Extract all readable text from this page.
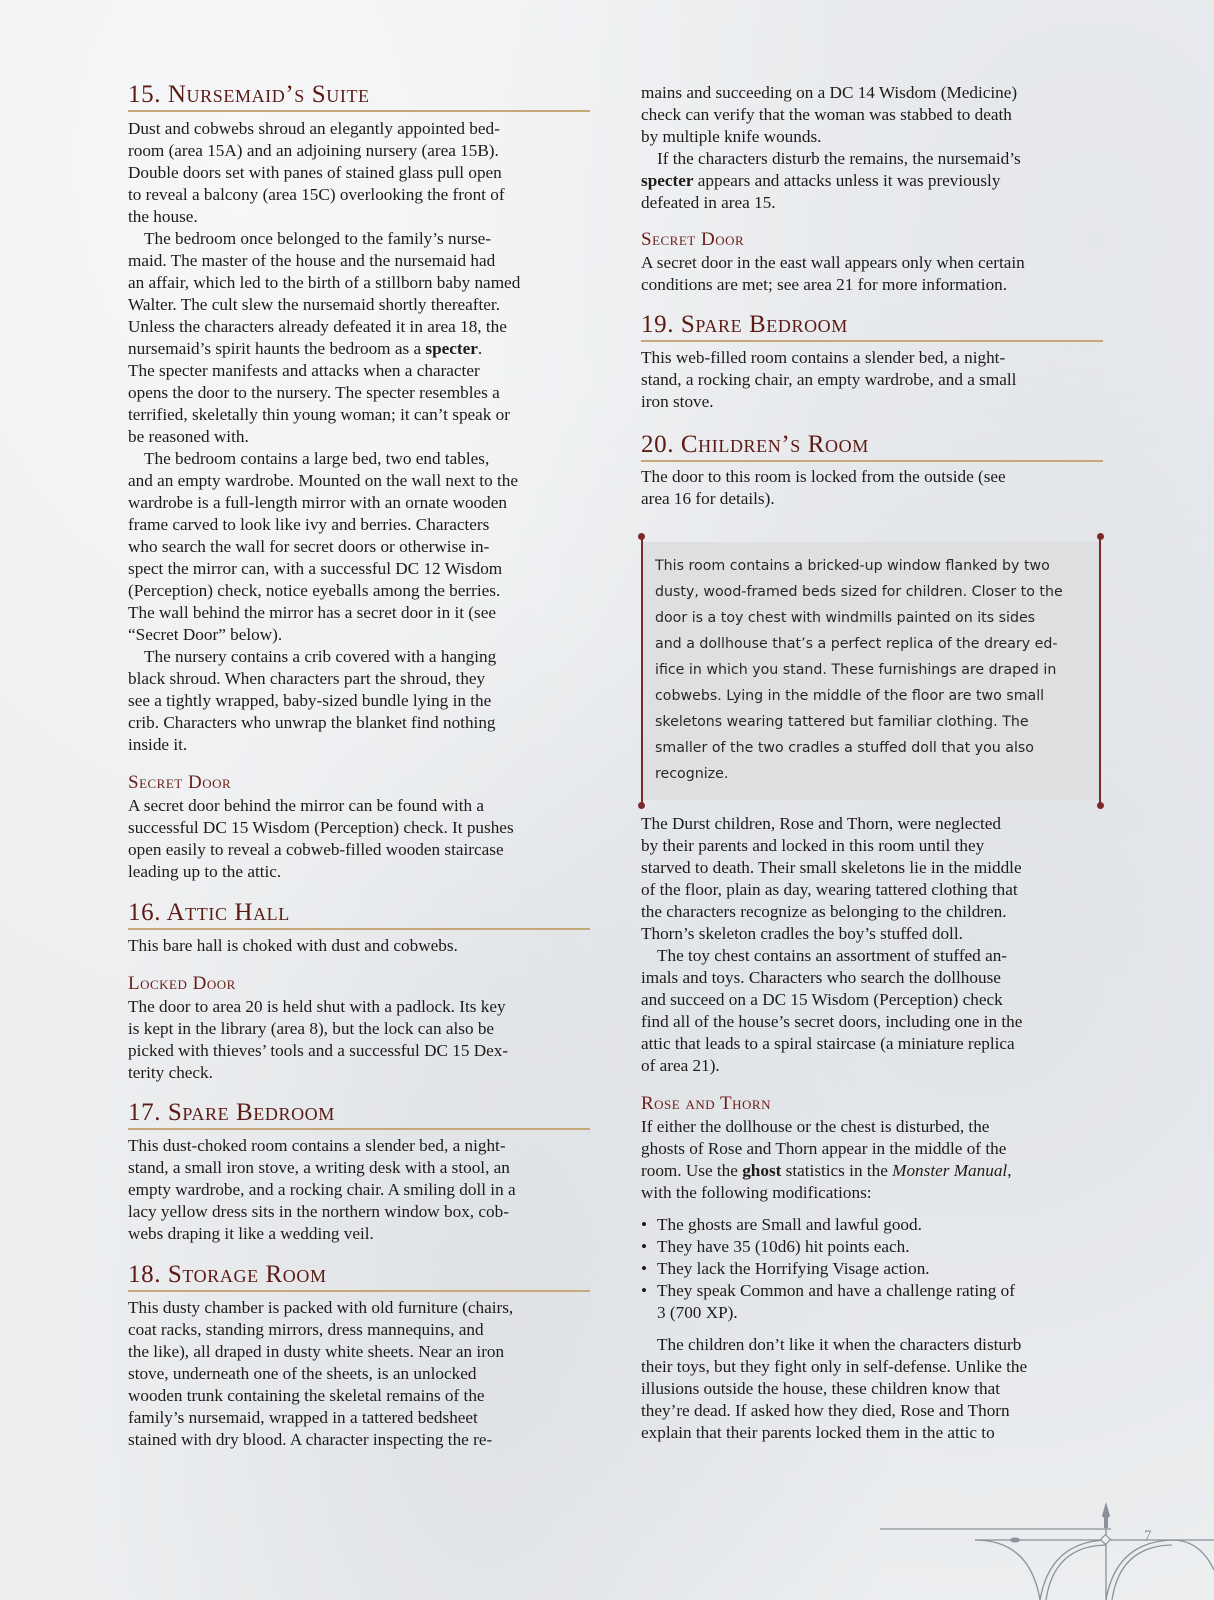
15. Nursemaid’s Suite
Dust and cobwebs shroud an elegantly appointed bed-
room (area 15A) and an adjoining nursery (area 15B).
Double doors set with panes of stained glass pull open
to reveal a balcony (area 15C) overlooking the front of
the house.
The bedroom once belonged to the family’s nurse-
maid. The master of the house and the nursemaid had
an affair, which led to the birth of a stillborn baby named
Walter. The cult slew the nursemaid shortly thereafter.
Unless the characters already defeated it in area 18, the
nursemaid’s spirit haunts the bedroom as a specter.
The specter manifests and attacks when a character
opens the door to the nursery. The specter resembles a
terrified, skeletally thin young woman; it can’t speak or
be reasoned with.
The bedroom contains a large bed, two end tables,
and an empty wardrobe. Mounted on the wall next to the
wardrobe is a full-length mirror with an ornate wooden
frame carved to look like ivy and berries. Characters
who search the wall for secret doors or otherwise in-
spect the mirror can, with a successful DC 12 Wisdom
(Perception) check, notice eyeballs among the berries.
The wall behind the mirror has a secret door in it (see
“Secret Door” below).
The nursery contains a crib covered with a hanging
black shroud. When characters part the shroud, they
see a tightly wrapped, baby-sized bundle lying in the
crib. Characters who unwrap the blanket find nothing
inside it.
Secret Door
A secret door behind the mirror can be found with a
successful DC 15 Wisdom (Perception) check. It pushes
open easily to reveal a cobweb-filled wooden staircase
leading up to the attic.
16. Attic Hall
This bare hall is choked with dust and cobwebs.
Locked Door
The door to area 20 is held shut with a padlock. Its key
is kept in the library (area 8), but the lock can also be
picked with thieves’ tools and a successful DC 15 Dex-
terity check.
17. Spare Bedroom
This dust-choked room contains a slender bed, a night-
stand, a small iron stove, a writing desk with a stool, an
empty wardrobe, and a rocking chair. A smiling doll in a
lacy yellow dress sits in the northern window box, cob-
webs draping it like a wedding veil.
18. Storage Room
This dusty chamber is packed with old furniture (chairs,
coat racks, standing mirrors, dress mannequins, and
the like), all draped in dusty white sheets. Near an iron
stove, underneath one of the sheets, is an unlocked
wooden trunk containing the skeletal remains of the
family’s nursemaid, wrapped in a tattered bedsheet
stained with dry blood. A character inspecting the re-
mains and succeeding on a DC 14 Wisdom (Medicine)
check can verify that the woman was stabbed to death
by multiple knife wounds.
If the characters disturb the remains, the nursemaid’s
specter appears and attacks unless it was previously
defeated in area 15.
Secret Door
A secret door in the east wall appears only when certain
conditions are met; see area 21 for more information.
19. Spare Bedroom
This web-filled room contains a slender bed, a night-
stand, a rocking chair, an empty wardrobe, and a small
iron stove.
20. Children’s Room
The door to this room is locked from the outside (see
area 16 for details).
This room contains a bricked-up window flanked by two
dusty, wood-framed beds sized for children. Closer to the
door is a toy chest with windmills painted on its sides
and a dollhouse that’s a perfect replica of the dreary ed-
ifice in which you stand. These furnishings are draped in
cobwebs. Lying in the middle of the floor are two small
skeletons wearing tattered but familiar clothing. The
smaller of the two cradles a stuffed doll that you also
recognize.
The Durst children, Rose and Thorn, were neglected
by their parents and locked in this room until they
starved to death. Their small skeletons lie in the middle
of the floor, plain as day, wearing tattered clothing that
the characters recognize as belonging to the children.
Thorn’s skeleton cradles the boy’s stuffed doll.
The toy chest contains an assortment of stuffed an-
imals and toys. Characters who search the dollhouse
and succeed on a DC 15 Wisdom (Perception) check
find all of the house’s secret doors, including one in the
attic that leads to a spiral staircase (a miniature replica
of area 21).
Rose and Thorn
If either the dollhouse or the chest is disturbed, the
ghosts of Rose and Thorn appear in the middle of the
room. Use the ghost statistics in the Monster Manual,
with the following modifications:
• The ghosts are Small and lawful good.
• They have 35 (10d6) hit points each.
• They lack the Horrifying Visage action.
• They speak Common and have a challenge rating of
3 (700 XP).
The children don’t like it when the characters disturb
their toys, but they fight only in self-defense. Unlike the
illusions outside the house, these children know that
they’re dead. If asked how they died, Rose and Thorn
explain that their parents locked them in the attic to
7
